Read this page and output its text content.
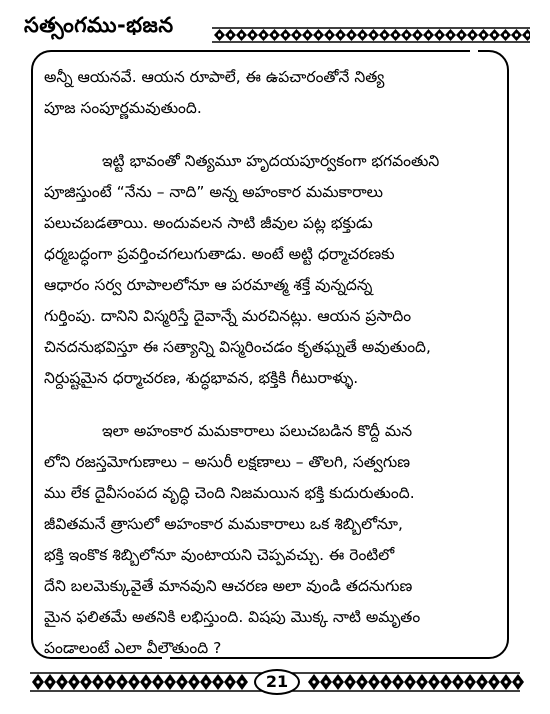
సత్సంగము-భజన
అన్నీ ఆయనవే. ఆయన రూపాలే, ఈ ఉపచారంతోనే నిత్య
పూజ సంపూర్ణమవుతుంది.
ఇట్టి భావంతో నిత్యమూ హృదయపూర్వకంగా భగవంతుని
పూజిస్తుంటే “నేను – నాది” అన్న అహంకార మమకారాలు
పలుచబడతాయి. అందువలన సాటి జీవుల పట్ల భక్తుడు
ధర్మబద్ధంగా ప్రవర్తించగలుగుతాడు. అంటే అట్టి ధర్మాచరణకు
ఆధారం సర్వ రూపాలలోనూ ఆ పరమాత్మ శక్తే వున్నదన్న
గుర్తింపు. దానిని విస్మరిస్తే దైవాన్నే మరచినట్లు. ఆయన ప్రసాదిం
చినదనుభవిస్తూ ఈ సత్యాన్ని విస్మరించడం కృతఘ్నతే అవుతుంది,
నిర్దుష్టమైన ధర్మాచరణ, శుద్ధభావన, భక్తికి గీటురాళ్ళు.
ఇలా అహంకార మమకారాలు పలుచబడిన కొద్దీ మన
లోని రజస్తమోగుణాలు – అసురీ లక్షణాలు – తొలగి, సత్వగుణ
ము లేక దైవీసంపద వృద్ధి చెంది నిజమయిన భక్తి కుదురుతుంది.
జీవితమనే త్రాసులో అహంకార మమకారాలు ఒక శిబ్బిలోనూ,
భక్తి ఇంకొక శిబ్బిలోనూ వుంటాయని చెప్పవచ్చు. ఈ రెంటిలో
దేని బలమెక్కువైతే మానవుని ఆచరణ అలా వుండి తదనుగుణ
మైన ఫలితమే అతనికి లభిస్తుంది. విషపు మొక్క నాటి అమృతం
పండాలంటే ఎలా వీలౌతుంది ?
21
